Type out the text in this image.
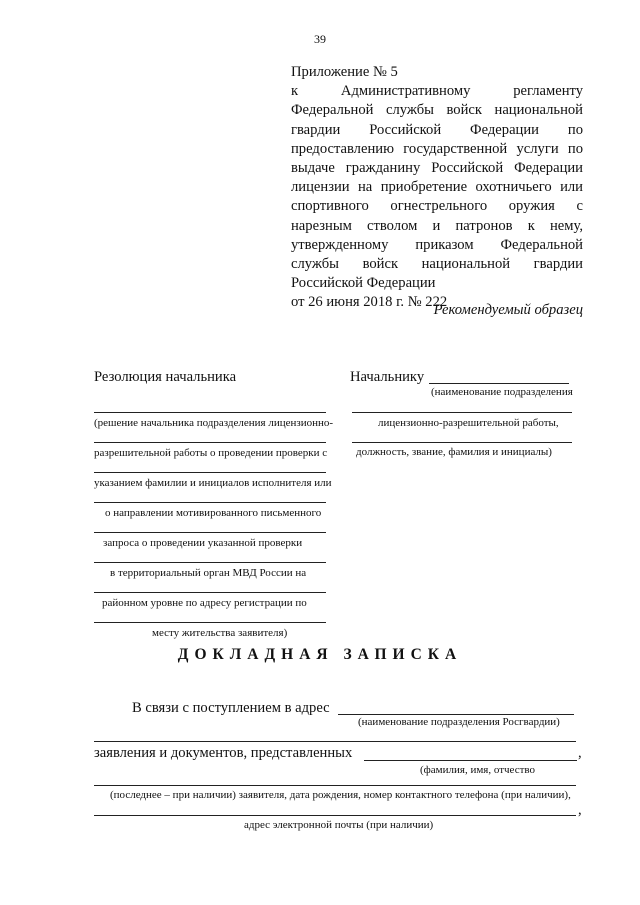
39
Приложение № 5
к Административному регламенту
Федеральной службы войск национальной
гвардии Российской Федерации по
предоставлению государственной услуги по
выдаче гражданину Российской Федерации
лицензии на приобретение охотничьего или
спортивного огнестрельного оружия с
нарезным стволом и патронов к нему,
утвержденному приказом Федеральной
службы войск национальной гвардии
Российской Федерации
от 26 июня 2018 г. № 222
Рекомендуемый образец
Резолюция начальника
(решение начальника подразделения лицензионно-
разрешительной работы о проведении проверки с
указанием фамилии и инициалов исполнителя или
о направлении мотивированного письменного
запроса о проведении указанной проверки
в территориальный орган МВД России на
районном уровне по адресу регистрации по
месту жительства заявителя)
Начальнику
(наименование подразделения
лицензионно-разрешительной работы,
должность, звание, фамилия и инициалы)
ДОКЛАДНАЯ ЗАПИСКА
В связи с поступлением в адрес
(наименование подразделения Росгвардии)
заявления и документов, представленных	,
(фамилия, имя, отчество
(последнее – при наличии) заявителя, дата рождения, номер контактного телефона (при наличии),
,
адрес электронной почты (при наличии)
